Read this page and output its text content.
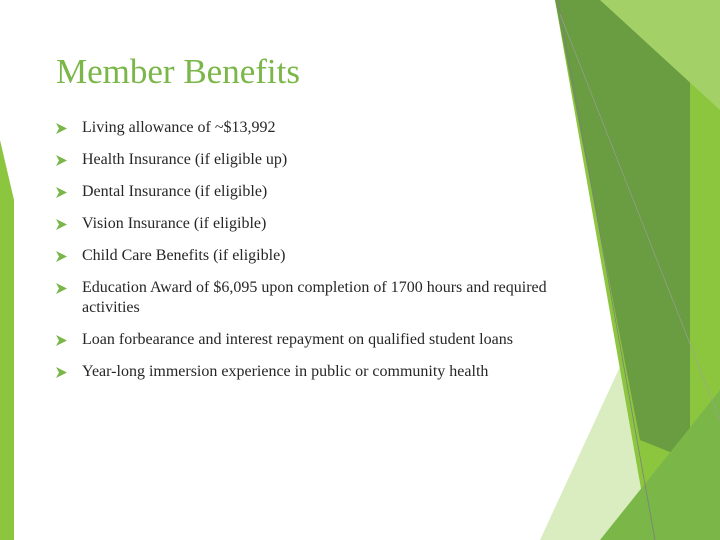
Member Benefits
Living allowance of ~$13,992
Health Insurance (if eligible up)
Dental Insurance (if eligible)
Vision Insurance (if eligible)
Child Care Benefits (if eligible)
Education Award of $6,095 upon completion of 1700 hours and required activities
Loan forbearance and interest repayment on qualified student loans
Year-long immersion experience in public or community health
